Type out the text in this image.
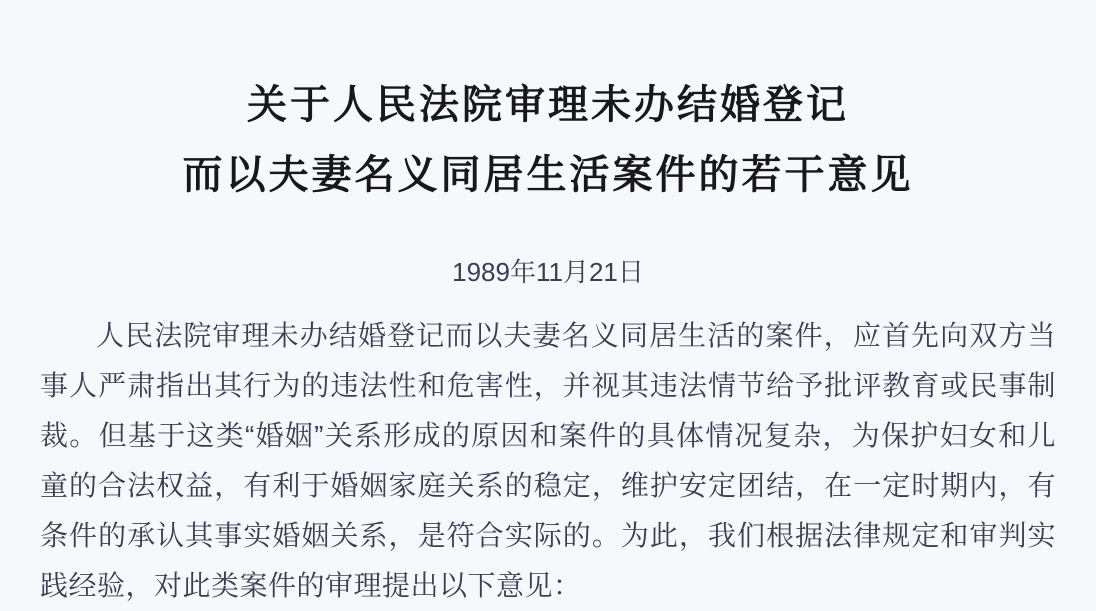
关于人民法院审理未办结婚登记
而以夫妻名义同居生活案件的若干意见
1989年11月21日

人民法院审理未办结婚登记而以夫妻名义同居生活的案件，应首先向双方当事人严肃指出其行为的违法性和危害性，并视其违法情节给予批评教育或民事制裁。但基于这类“婚姻”关系形成的原因和案件的具体情况复杂，为保护妇女和儿童的合法权益，有利于婚姻家庭关系的稳定，维护安定团结，在一定时期内，有条件的承认其事实婚姻关系，是符合实际的。为此，我们根据法律规定和审判实践经验，对此类案件的审理提出以下意见：
